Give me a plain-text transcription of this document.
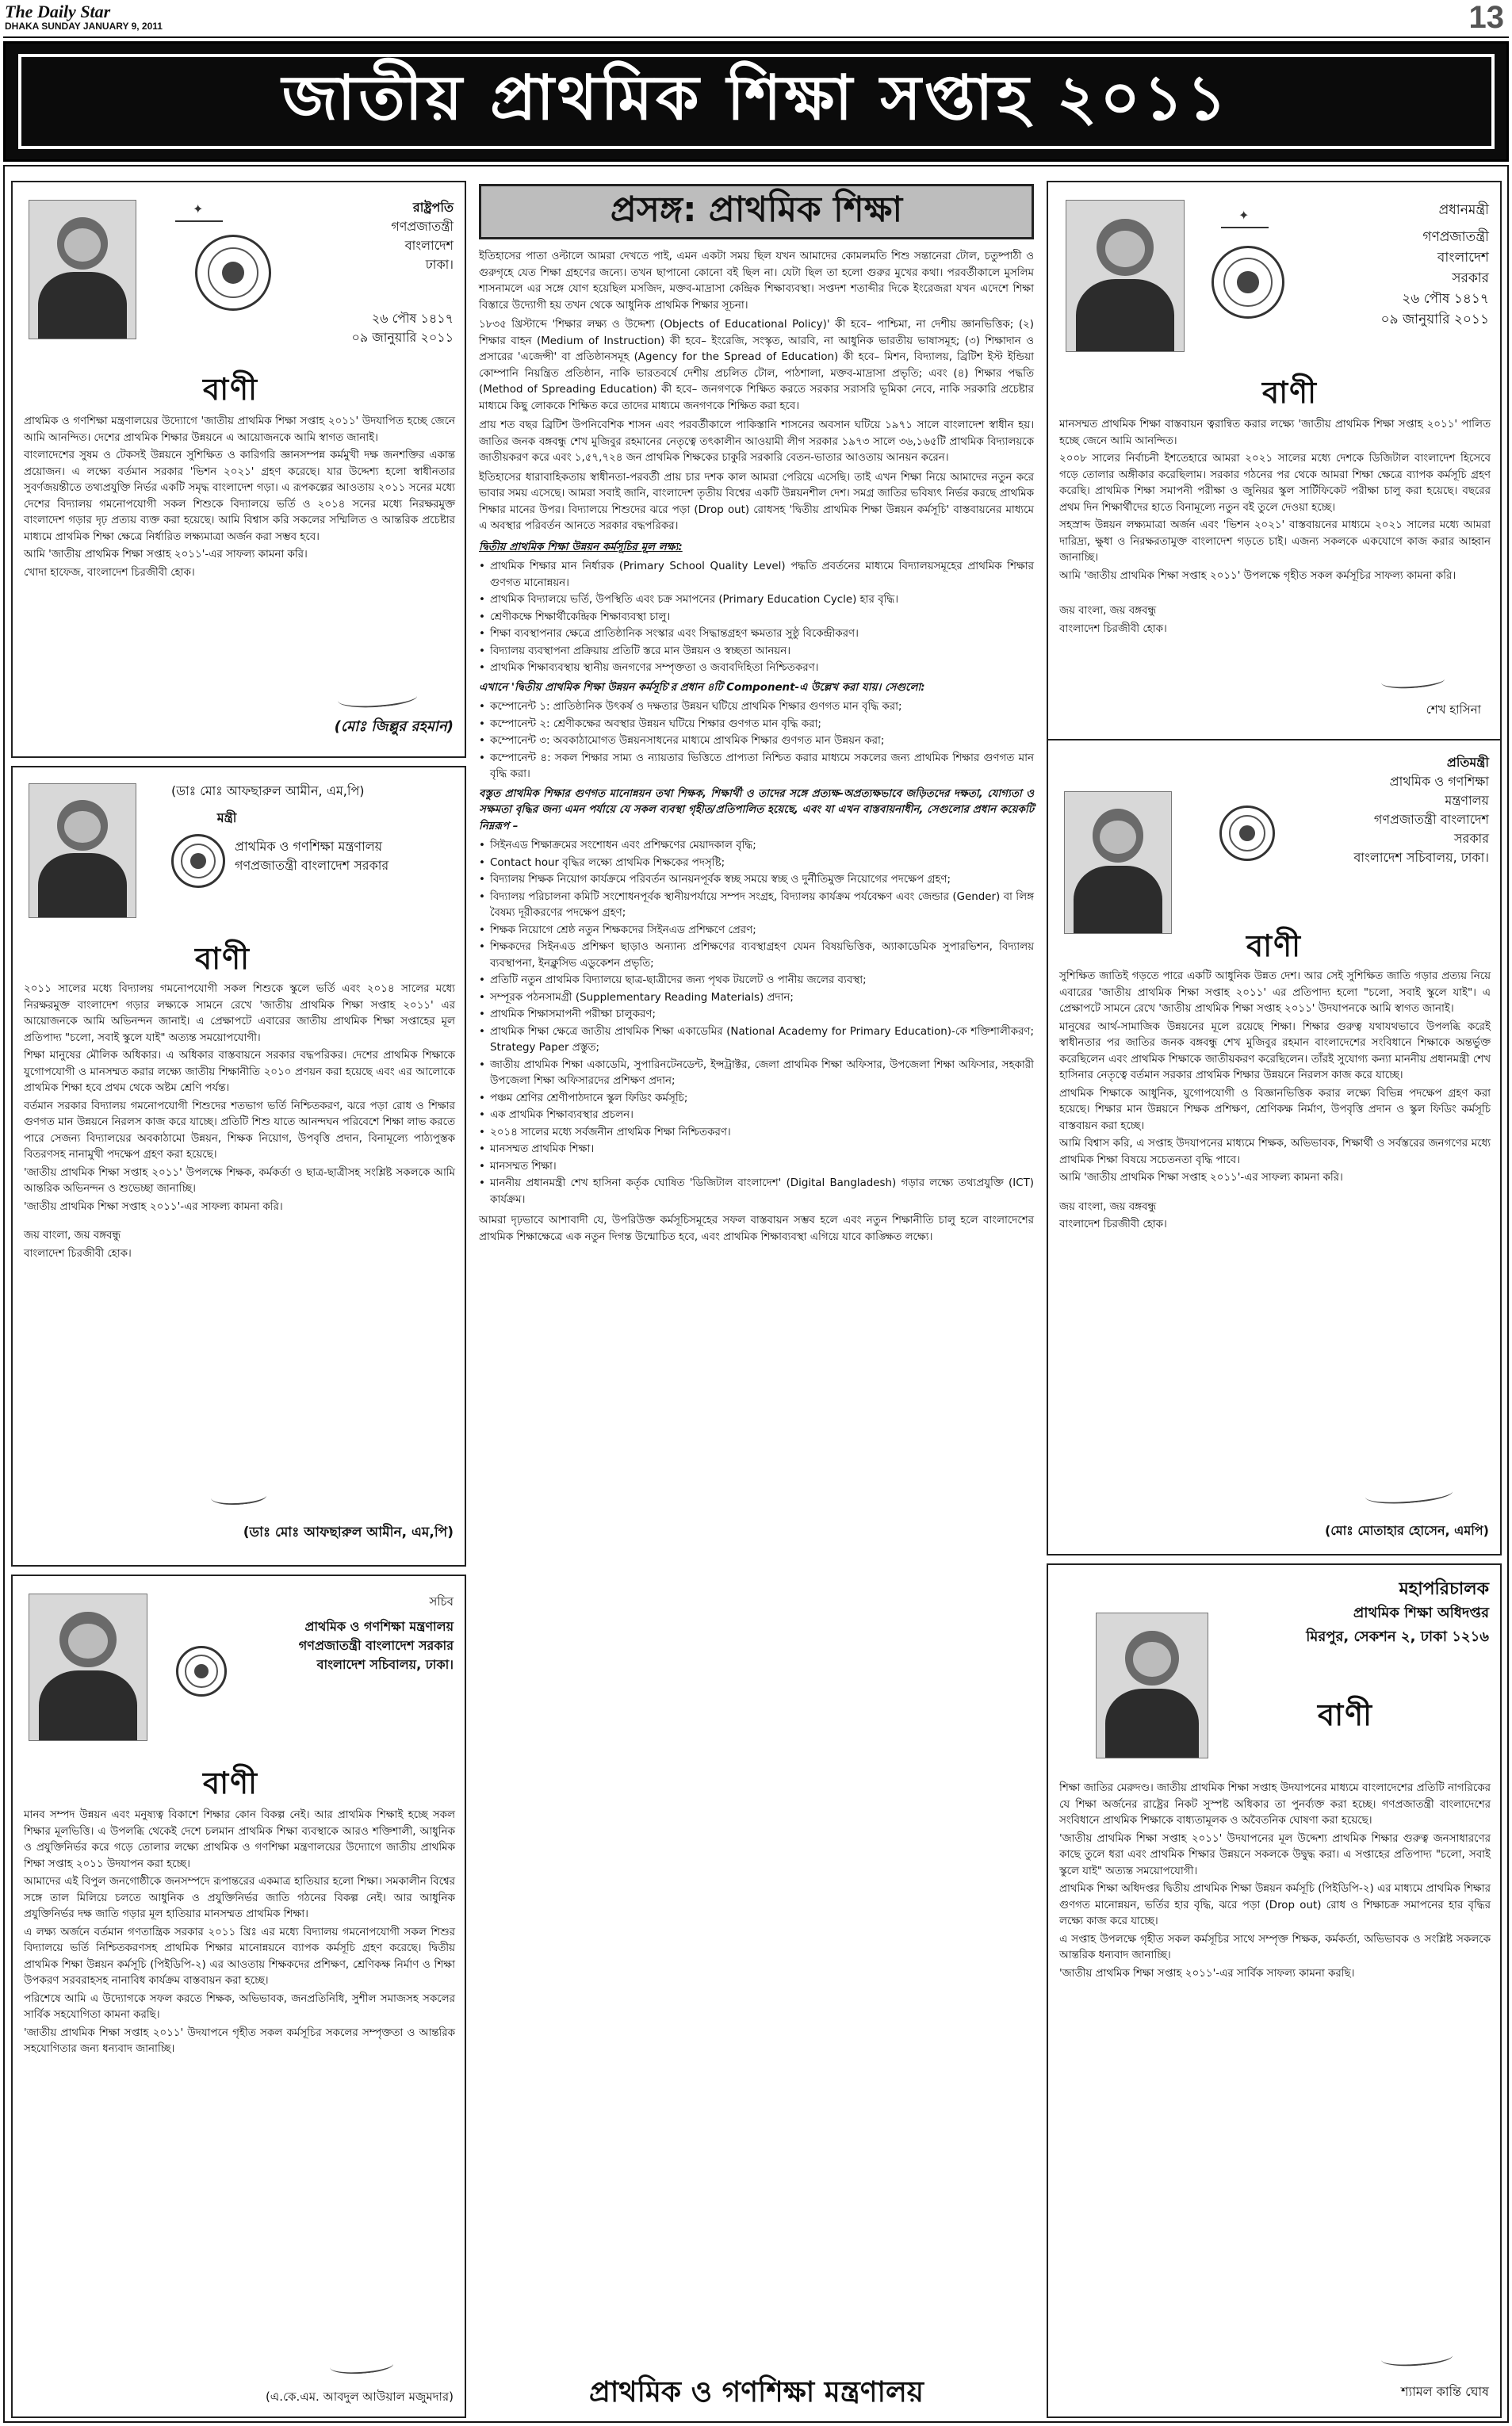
The Daily Star
DHAKA SUNDAY JANUARY 9, 2011	13
জাতীয় প্রাথমিক শিক্ষা সপ্তাহ ২০১১
✦
রাষ্ট্রপতি
গণপ্রজাতন্ত্রী
বাংলাদেশ
ঢাকা।
২৬ পৌষ ১৪১৭
০৯ জানুয়ারি ২০১১
বাণী

প্রাথমিক ও গণশিক্ষা মন্ত্রণালয়ের উদ্যোগে 'জাতীয় প্রাথমিক শিক্ষা সপ্তাহ ২০১১' উদযাপিত হচ্ছে জেনে আমি আনন্দিত। দেশের প্রাথমিক শিক্ষার উন্নয়নে এ আয়োজনকে আমি স্বাগত জানাই।

বাংলাদেশের সুষম ও টেকসই উন্নয়নে সুশিক্ষিত ও কারিগরি জ্ঞানসম্পন্ন কর্মমুখী দক্ষ জনশক্তির একান্ত প্রয়োজন। এ লক্ষ্যে বর্তমান সরকার 'ভিশন ২০২১' গ্রহণ করেছে। যার উদ্দেশ্য হলো স্বাধীনতার সুবর্ণজয়ন্তীতে তথ্যপ্রযুক্তি নির্ভর একটি সমৃদ্ধ বাংলাদেশ গড়া। এ রূপকল্পের আওতায় ২০১১ সনের মধ্যে দেশের বিদ্যালয় গমনোপযোগী সকল শিশুকে বিদ্যালয়ে ভর্তি ও ২০১৪ সনের মধ্যে নিরক্ষরমুক্ত বাংলাদেশ গড়ার দৃঢ় প্রত্যয় ব্যক্ত করা হয়েছে। আমি বিশ্বাস করি সকলের সম্মিলিত ও আন্তরিক প্রচেষ্টার মাধ্যমে প্রাথমিক শিক্ষা ক্ষেত্রে নির্ধারিত লক্ষ্যমাত্রা অর্জন করা সম্ভব হবে।

আমি 'জাতীয় প্রাথমিক শিক্ষা সপ্তাহ ২০১১'-এর সাফল্য কামনা করি।

খোদা হাফেজ, বাংলাদেশ চিরজীবী হোক।

(মোঃ জিল্লুর রহমান)
(ডাঃ মোঃ আফছারুল আমীন, এম,পি)
মন্ত্রী
প্রাথমিক ও গণশিক্ষা মন্ত্রণালয়
গণপ্রজাতন্ত্রী বাংলাদেশ সরকার
বাণী

২০১১ সালের মধ্যে বিদ্যালয় গমনোপযোগী সকল শিশুকে স্কুলে ভর্তি এবং ২০১৪ সালের মধ্যে নিরক্ষরমুক্ত বাংলাদেশ গড়ার লক্ষ্যকে সামনে রেখে 'জাতীয় প্রাথমিক শিক্ষা সপ্তাহ ২০১১' এর আয়োজনকে আমি অভিনন্দন জানাই। এ প্রেক্ষাপটে এবারের জাতীয় প্রাথমিক শিক্ষা সপ্তাহের মূল প্রতিপাদ্য "চলো, সবাই স্কুলে যাই" অত্যন্ত সময়োপযোগী।

শিক্ষা মানুষের মৌলিক অধিকার। এ অধিকার বাস্তবায়নে সরকার বদ্ধপরিকর। দেশের প্রাথমিক শিক্ষাকে যুগোপযোগী ও মানসম্মত করার লক্ষ্যে জাতীয় শিক্ষানীতি ২০১০ প্রণয়ন করা হয়েছে এবং এর আলোকে প্রাথমিক শিক্ষা হবে প্রথম থেকে অষ্টম শ্রেণি পর্যন্ত।

বর্তমান সরকার বিদ্যালয় গমনোপযোগী শিশুদের শতভাগ ভর্তি নিশ্চিতকরণ, ঝরে পড়া রোধ ও শিক্ষার গুণগত মান উন্নয়নে নিরলস কাজ করে যাচ্ছে। প্রতিটি শিশু যাতে আনন্দঘন পরিবেশে শিক্ষা লাভ করতে পারে সেজন্য বিদ্যালয়ের অবকাঠামো উন্নয়ন, শিক্ষক নিয়োগ, উপবৃত্তি প্রদান, বিনামূল্যে পাঠ্যপুস্তক বিতরণসহ নানামুখী পদক্ষেপ গ্রহণ করা হয়েছে।

'জাতীয় প্রাথমিক শিক্ষা সপ্তাহ ২০১১' উপলক্ষে শিক্ষক, কর্মকর্তা ও ছাত্র-ছাত্রীসহ সংশ্লিষ্ট সকলকে আমি আন্তরিক অভিনন্দন ও শুভেচ্ছা জানাচ্ছি।

'জাতীয় প্রাথমিক শিক্ষা সপ্তাহ ২০১১'-এর সাফল্য কামনা করি।

জয় বাংলা, জয় বঙ্গবন্ধু

বাংলাদেশ চিরজীবী হোক।

(ডাঃ মোঃ আফছারুল আমীন, এম,পি)
সচিব
প্রাথমিক ও গণশিক্ষা মন্ত্রণালয়
গণপ্রজাতন্ত্রী বাংলাদেশ সরকার
বাংলাদেশ সচিবালয়, ঢাকা।
বাণী

মানব সম্পদ উন্নয়ন এবং মনুষ্যত্ব বিকাশে শিক্ষার কোন বিকল্প নেই। আর প্রাথমিক শিক্ষাই হচ্ছে সকল শিক্ষার মূলভিত্তি। এ উপলব্ধি থেকেই দেশে চলমান প্রাথমিক শিক্ষা ব্যবস্থাকে আরও শক্তিশালী, আধুনিক ও প্রযুক্তিনির্ভর করে গড়ে তোলার লক্ষ্যে প্রাথমিক ও গণশিক্ষা মন্ত্রণালয়ের উদ্যোগে জাতীয় প্রাথমিক শিক্ষা সপ্তাহ ২০১১ উদযাপন করা হচ্ছে।

আমাদের এই বিপুল জনগোষ্ঠীকে জনসম্পদে রূপান্তরের একমাত্র হাতিয়ার হলো শিক্ষা। সমকালীন বিশ্বের সঙ্গে তাল মিলিয়ে চলতে আধুনিক ও প্রযুক্তিনির্ভর জাতি গঠনের বিকল্প নেই। আর আধুনিক প্রযুক্তিনির্ভর দক্ষ জাতি গড়ার মূল হাতিয়ার মানসম্মত প্রাথমিক শিক্ষা।

এ লক্ষ্য অর্জনে বর্তমান গণতান্ত্রিক সরকার ২০১১ খ্রিঃ এর মধ্যে বিদ্যালয় গমনোপযোগী সকল শিশুর বিদ্যালয়ে ভর্তি নিশ্চিতকরণসহ প্রাথমিক শিক্ষার মানোন্নয়নে ব্যাপক কর্মসূচি গ্রহণ করেছে। দ্বিতীয় প্রাথমিক শিক্ষা উন্নয়ন কর্মসূচি (পিইডিপি-২) এর আওতায় শিক্ষকদের প্রশিক্ষণ, শ্রেণিকক্ষ নির্মাণ ও শিক্ষা উপকরণ সরবরাহসহ নানাবিধ কার্যক্রম বাস্তবায়ন করা হচ্ছে।

পরিশেষে আমি এ উদ্যোগকে সফল করতে শিক্ষক, অভিভাবক, জনপ্রতিনিধি, সুশীল সমাজসহ সকলের সার্বিক সহযোগিতা কামনা করছি।

'জাতীয় প্রাথমিক শিক্ষা সপ্তাহ ২০১১' উদযাপনে গৃহীত সকল কর্মসূচির সকলের সম্পৃক্ততা ও আন্তরিক সহযোগিতার জন্য ধন্যবাদ জানাচ্ছি।

(এ.কে.এম. আবদুল আউয়াল মজুমদার)
প্রসঙ্গ: প্রাথমিক শিক্ষা

ইতিহাসের পাতা ওল্টালে আমরা দেখতে পাই, এমন একটা সময় ছিল যখন আমাদের কোমলমতি শিশু সন্তানেরা টোল, চতুষ্পাঠী ও গুরুগৃহে যেত শিক্ষা গ্রহণের জন্যে। তখন ছাপানো কোনো বই ছিল না। যেটা ছিল তা হলো গুরুর মুখের কথা। পরবর্তীকালে মুসলিম শাসনামলে এর সঙ্গে যোগ হয়েছিল মসজিদ, মক্তব-মাদ্রাসা কেন্দ্রিক শিক্ষাব্যবস্থা। সপ্তদশ শতাব্দীর দিকে ইংরেজরা যখন এদেশে শিক্ষা বিস্তারে উদ্যোগী হয় তখন থেকে আধুনিক প্রাথমিক শিক্ষার সূচনা।

১৮৩৫ খ্রিস্টাব্দে 'শিক্ষার লক্ষ্য ও উদ্দেশ্য (Objects of Educational Policy)' কী হবে– পাশ্চিমা, না দেশীয় জ্ঞানভিত্তিক; (২) শিক্ষার বাহন (Medium of Instruction) কী হবে– ইংরেজি, সংস্কৃত, আরবি, না আধুনিক ভারতীয় ভাষাসমূহ; (৩) শিক্ষাদান ও প্রসারের 'এজেন্সী' বা প্রতিষ্ঠানসমূহ (Agency for the Spread of Education) কী হবে– মিশন, বিদ্যালয়, ব্রিটিশ ইস্ট ইন্ডিয়া কোম্পানি নিয়ন্ত্রিত প্রতিষ্ঠান, নাকি ভারতবর্ষে দেশীয় প্রচলিত টোল, পাঠশালা, মক্তব-মাদ্রাসা প্রভৃতি; এবং (৪) শিক্ষার পদ্ধতি (Method of Spreading Education) কী হবে– জনগণকে শিক্ষিত করতে সরকার সরাসরি ভূমিকা নেবে, নাকি সরকারি প্রচেষ্টার মাধ্যমে কিছু লোককে শিক্ষিত করে তাদের মাধ্যমে জনগণকে শিক্ষিত করা হবে।

প্রায় শত বছর ব্রিটিশ উপনিবেশিক শাসন এবং পরবর্তীকালে পাকিস্তানি শাসনের অবসান ঘটিয়ে ১৯৭১ সালে বাংলাদেশ স্বাধীন হয়। জাতির জনক বঙ্গবন্ধু শেখ মুজিবুর রহমানের নেতৃত্বে তৎকালীন আওয়ামী লীগ সরকার ১৯৭৩ সালে ৩৬,১৬৫টি প্রাথমিক বিদ্যালয়কে জাতীয়করণ করে এবং ১,৫৭,৭২৪ জন প্রাথমিক শিক্ষকের চাকুরি সরকারি বেতন-ভাতার আওতায় আনয়ন করেন।

ইতিহাসের ধারাবাহিকতায় স্বাধীনতা-পরবর্তী প্রায় চার দশক কাল আমরা পেরিয়ে এসেছি। তাই এখন শিক্ষা নিয়ে আমাদের নতুন করে ভাবার সময় এসেছে। আমরা সবাই জানি, বাংলাদেশ তৃতীয় বিশ্বের একটি উন্নয়নশীল দেশ। সমগ্র জাতির ভবিষ্যৎ নির্ভর করছে প্রাথমিক শিক্ষার মানের উপর। বিদ্যালয়ে শিশুদের ঝরে পড়া (Drop out) রোধসহ 'দ্বিতীয় প্রাথমিক শিক্ষা উন্নয়ন কর্মসূচি' বাস্তবায়নের মাধ্যমে এ অবস্থার পরিবর্তন আনতে সরকার বদ্ধপরিকর।

দ্বিতীয় প্রাথমিক শিক্ষা উন্নয়ন কর্মসূচির মূল লক্ষ্য:

• প্রাথমিক শিক্ষার মান নির্ধারক (Primary School Quality Level) পদ্ধতি প্রবর্তনের মাধ্যমে বিদ্যালয়সমূহের প্রাথমিক শিক্ষার গুণগত মানোন্নয়ন।
• প্রাথমিক বিদ্যালয়ে ভর্তি, উপস্থিতি এবং চক্র সমাপনের (Primary Education Cycle) হার বৃদ্ধি।
• শ্রেণীকক্ষে শিক্ষার্থীকেন্দ্রিক শিক্ষাব্যবস্থা চালু।
• শিক্ষা ব্যবস্থাপনার ক্ষেত্রে প্রাতিষ্ঠানিক সংস্কার এবং সিদ্ধান্তগ্রহণ ক্ষমতার সুষ্ঠু বিকেন্দ্রীকরণ।
• বিদ্যালয় ব্যবস্থাপনা প্রক্রিয়ায় প্রতিটি স্তরে মান উন্নয়ন ও স্বচ্ছতা আনয়ন।
• প্রাথমিক শিক্ষাব্যবস্থায় স্থানীয় জনগণের সম্পৃক্ততা ও জবাবদিহিতা নিশ্চিতকরণ।

এখানে 'দ্বিতীয় প্রাথমিক শিক্ষা উন্নয়ন কর্মসূচি'র প্রধান ৪টি Component-এ উল্লেখ করা যায়। সেগুলো:

• কম্পোনেন্ট ১: প্রাতিষ্ঠানিক উৎকর্ষ ও দক্ষতার উন্নয়ন ঘটিয়ে প্রাথমিক শিক্ষার গুণগত মান বৃদ্ধি করা;
• কম্পোনেন্ট ২: শ্রেণীকক্ষের অবস্থার উন্নয়ন ঘটিয়ে শিক্ষার গুণগত মান বৃদ্ধি করা;
• কম্পোনেন্ট ৩: অবকাঠামোগত উন্নয়নসাধনের মাধ্যমে প্রাথমিক শিক্ষার গুণগত মান উন্নয়ন করা;
• কম্পোনেন্ট ৪: সকল শিক্ষার সাম্য ও ন্যায়তার ভিত্তিতে প্রাপ্যতা নিশ্চিত করার মাধ্যমে সকলের জন্য প্রাথমিক শিক্ষার গুণগত মান বৃদ্ধি করা।

বস্তুত প্রাথমিক শিক্ষার গুণগত মানোন্নয়ন তথা শিক্ষক, শিক্ষার্থী ও তাদের সঙ্গে প্রত্যক্ষ-অপ্রত্যক্ষভাবে জড়িতদের দক্ষতা, যোগ্যতা ও সক্ষমতা বৃদ্ধির জন্য এমন পর্যায়ে যে সকল ব্যবস্থা গৃহীত/প্রতিপালিত হয়েছে, এবং যা এখন বাস্তবায়নাধীন, সেগুলোর প্রধান কয়েকটি নিম্নরূপ –

• সিইনএড শিক্ষাক্রমের সংশোধন এবং প্রশিক্ষণের মেয়াদকাল বৃদ্ধি;
• Contact hour বৃদ্ধির লক্ষ্যে প্রাথমিক শিক্ষকের পদসৃষ্টি;
• বিদ্যালয় শিক্ষক নিয়োগ কার্যক্রমে পরিবর্তন আনয়নপূর্বক স্বচ্ছ সময়ে স্বচ্ছ ও দুর্নীতিমুক্ত নিয়োগের পদক্ষেপ গ্রহণ;
• বিদ্যালয় পরিচালনা কমিটি সংশোধনপূর্বক স্থানীয়পর্যায়ে সম্পদ সংগ্রহ, বিদ্যালয় কার্যক্রম পর্যবেক্ষণ এবং জেন্ডার (Gender) বা লিঙ্গ বৈষম্য দূরীকরণের পদক্ষেপ গ্রহণ;
• শিক্ষক নিয়োগে শ্রেষ্ঠ নতুন শিক্ষকদের সিইনএড প্রশিক্ষণে প্রেরণ;
• শিক্ষকদের সিইনএড প্রশিক্ষণ ছাড়াও অন্যান্য প্রশিক্ষণের ব্যবস্থাগ্রহণ যেমন বিষয়ভিত্তিক, অ্যাকাডেমিক সুপারভিশন, বিদ্যালয় ব্যবস্থাপনা, ইনক্লুসিভ এডুকেশন প্রভৃতি;
• প্রতিটি নতুন প্রাথমিক বিদ্যালয়ে ছাত্র-ছাত্রীদের জন্য পৃথক টয়লেট ও পানীয় জলের ব্যবস্থা;
• সম্পূরক পঠনসামগ্রী (Supplementary Reading Materials) প্রদান;
• প্রাথমিক শিক্ষাসমাপনী পরীক্ষা চালুকরণ;
• প্রাথমিক শিক্ষা ক্ষেত্রে জাতীয় প্রাথমিক শিক্ষা একাডেমির (National Academy for Primary Education)-কে শক্তিশালীকরণ; Strategy Paper প্রস্তুত;
• জাতীয় প্রাথমিক শিক্ষা একাডেমি, সুপারিনটেনডেন্ট, ইন্সট্রাক্টর, জেলা প্রাথমিক শিক্ষা অফিসার, উপজেলা শিক্ষা অফিসার, সহকারী উপজেলা শিক্ষা অফিসারদের প্রশিক্ষণ প্রদান;
• পঞ্চম শ্রেণির শ্রেণীপাঠদানে স্কুল ফিডিং কর্মসূচি;
• এক প্রাথমিক শিক্ষাব্যবস্থার প্রচলন।
• ২০১৪ সালের মধ্যে সর্বজনীন প্রাথমিক শিক্ষা নিশ্চিতকরণ।
• মানসম্মত প্রাথমিক শিক্ষা।
• মানসম্মত শিক্ষা।
• মাননীয় প্রধানমন্ত্রী শেখ হাসিনা কর্তৃক ঘোষিত 'ডিজিটাল বাংলাদেশ' (Digital Bangladesh) গড়ার লক্ষ্যে তথ্যপ্রযুক্তি (ICT) কার্যক্রম।

আমরা দৃঢ়ভাবে আশাবাদী যে, উপরিউক্ত কর্মসূচিসমূহের সফল বাস্তবায়ন সম্ভব হলে এবং নতুন শিক্ষানীতি চালু হলে বাংলাদেশের প্রাথমিক শিক্ষাক্ষেত্রে এক নতুন দিগন্ত উন্মোচিত হবে, এবং প্রাথমিক শিক্ষাব্যবস্থা এগিয়ে যাবে কাঙ্ক্ষিত লক্ষ্যে।

প্রাথমিক ও গণশিক্ষা মন্ত্রণালয়
✦
প্রধানমন্ত্রী
গণপ্রজাতন্ত্রী
বাংলাদেশ
সরকার
২৬ পৌষ ১৪১৭
০৯ জানুয়ারি ২০১১
বাণী

মানসম্মত প্রাথমিক শিক্ষা বাস্তবায়ন ত্বরান্বিত করার লক্ষ্যে 'জাতীয় প্রাথমিক শিক্ষা সপ্তাহ ২০১১' পালিত হচ্ছে জেনে আমি আনন্দিত।

২০০৮ সালের নির্বাচনী ইশতেহারে আমরা ২০২১ সালের মধ্যে দেশকে ডিজিটাল বাংলাদেশ হিসেবে গড়ে তোলার অঙ্গীকার করেছিলাম। সরকার গঠনের পর থেকে আমরা শিক্ষা ক্ষেত্রে ব্যাপক কর্মসূচি গ্রহণ করেছি। প্রাথমিক শিক্ষা সমাপনী পরীক্ষা ও জুনিয়র স্কুল সার্টিফিকেট পরীক্ষা চালু করা হয়েছে। বছরের প্রথম দিন শিক্ষার্থীদের হাতে বিনামূল্যে নতুন বই তুলে দেওয়া হচ্ছে।

সহস্রাব্দ উন্নয়ন লক্ষ্যমাত্রা অর্জন এবং 'ভিশন ২০২১' বাস্তবায়নের মাধ্যমে ২০২১ সালের মধ্যে আমরা দারিদ্র্য, ক্ষুধা ও নিরক্ষরতামুক্ত বাংলাদেশ গড়তে চাই। এজন্য সকলকে একযোগে কাজ করার আহ্বান জানাচ্ছি।

আমি 'জাতীয় প্রাথমিক শিক্ষা সপ্তাহ ২০১১' উপলক্ষে গৃহীত সকল কর্মসূচির সাফল্য কামনা করি।

জয় বাংলা, জয় বঙ্গবন্ধু

বাংলাদেশ চিরজীবী হোক।

শেখ হাসিনা
প্রতিমন্ত্রী
প্রাথমিক ও গণশিক্ষা
মন্ত্রণালয়
গণপ্রজাতন্ত্রী বাংলাদেশ
সরকার
বাংলাদেশ সচিবালয়, ঢাকা।
বাণী

সুশিক্ষিত জাতিই গড়তে পারে একটি আধুনিক উন্নত দেশ। আর সেই সুশিক্ষিত জাতি গড়ার প্রত্যয় নিয়ে এবারের 'জাতীয় প্রাথমিক শিক্ষা সপ্তাহ ২০১১' এর প্রতিপাদ্য হলো "চলো, সবাই স্কুলে যাই"। এ প্রেক্ষাপটে সামনে রেখে 'জাতীয় প্রাথমিক শিক্ষা সপ্তাহ ২০১১' উদযাপনকে আমি স্বাগত জানাই।

মানুষের আর্থ-সামাজিক উন্নয়নের মূলে রয়েছে শিক্ষা। শিক্ষার গুরুত্ব যথাযথভাবে উপলব্ধি করেই স্বাধীনতার পর জাতির জনক বঙ্গবন্ধু শেখ মুজিবুর রহমান বাংলাদেশের সংবিধানে শিক্ষাকে অন্তর্ভুক্ত করেছিলেন এবং প্রাথমিক শিক্ষাকে জাতীয়করণ করেছিলেন। তাঁরই সুযোগ্য কন্যা মাননীয় প্রধানমন্ত্রী শেখ হাসিনার নেতৃত্বে বর্তমান সরকার প্রাথমিক শিক্ষার উন্নয়নে নিরলস কাজ করে যাচ্ছে।

প্রাথমিক শিক্ষাকে আধুনিক, যুগোপযোগী ও বিজ্ঞানভিত্তিক করার লক্ষ্যে বিভিন্ন পদক্ষেপ গ্রহণ করা হয়েছে। শিক্ষার মান উন্নয়নে শিক্ষক প্রশিক্ষণ, শ্রেণিকক্ষ নির্মাণ, উপবৃত্তি প্রদান ও স্কুল ফিডিং কর্মসূচি বাস্তবায়ন করা হচ্ছে।

আমি বিশ্বাস করি, এ সপ্তাহ উদযাপনের মাধ্যমে শিক্ষক, অভিভাবক, শিক্ষার্থী ও সর্বস্তরের জনগণের মধ্যে প্রাথমিক শিক্ষা বিষয়ে সচেতনতা বৃদ্ধি পাবে।

আমি 'জাতীয় প্রাথমিক শিক্ষা সপ্তাহ ২০১১'-এর সাফল্য কামনা করি।

জয় বাংলা, জয় বঙ্গবন্ধু

বাংলাদেশ চিরজীবী হোক।

(মোঃ মোতাহার হোসেন, এমপি)
মহাপরিচালক
প্রাথমিক শিক্ষা অধিদপ্তর
মিরপুর, সেকশন ২, ঢাকা ১২১৬
বাণী

শিক্ষা জাতির মেরুদণ্ড। জাতীয় প্রাথমিক শিক্ষা সপ্তাহ উদযাপনের মাধ্যমে বাংলাদেশের প্রতিটি নাগরিকের যে শিক্ষা অর্জনের রাষ্ট্রের নিকট সুস্পষ্ট অধিকার তা পুনর্ব্যক্ত করা হচ্ছে। গণপ্রজাতন্ত্রী বাংলাদেশের সংবিধানে প্রাথমিক শিক্ষাকে বাধ্যতামূলক ও অবৈতনিক ঘোষণা করা হয়েছে।

'জাতীয় প্রাথমিক শিক্ষা সপ্তাহ ২০১১' উদযাপনের মূল উদ্দেশ্য প্রাথমিক শিক্ষার গুরুত্ব জনসাধারণের কাছে তুলে ধরা এবং প্রাথমিক শিক্ষার উন্নয়নে সকলকে উদ্বুদ্ধ করা। এ সপ্তাহের প্রতিপাদ্য "চলো, সবাই স্কুলে যাই" অত্যন্ত সময়োপযোগী।

প্রাথমিক শিক্ষা অধিদপ্তর দ্বিতীয় প্রাথমিক শিক্ষা উন্নয়ন কর্মসূচি (পিইডিপি-২) এর মাধ্যমে প্রাথমিক শিক্ষার গুণগত মানোন্নয়ন, ভর্তির হার বৃদ্ধি, ঝরে পড়া (Drop out) রোধ ও শিক্ষাচক্র সমাপনের হার বৃদ্ধির লক্ষ্যে কাজ করে যাচ্ছে।

এ সপ্তাহ উপলক্ষে গৃহীত সকল কর্মসূচির সাথে সম্পৃক্ত শিক্ষক, কর্মকর্তা, অভিভাবক ও সংশ্লিষ্ট সকলকে আন্তরিক ধন্যবাদ জানাচ্ছি।

'জাতীয় প্রাথমিক শিক্ষা সপ্তাহ ২০১১'-এর সার্বিক সাফল্য কামনা করছি।

শ্যামল কান্তি ঘোষ
